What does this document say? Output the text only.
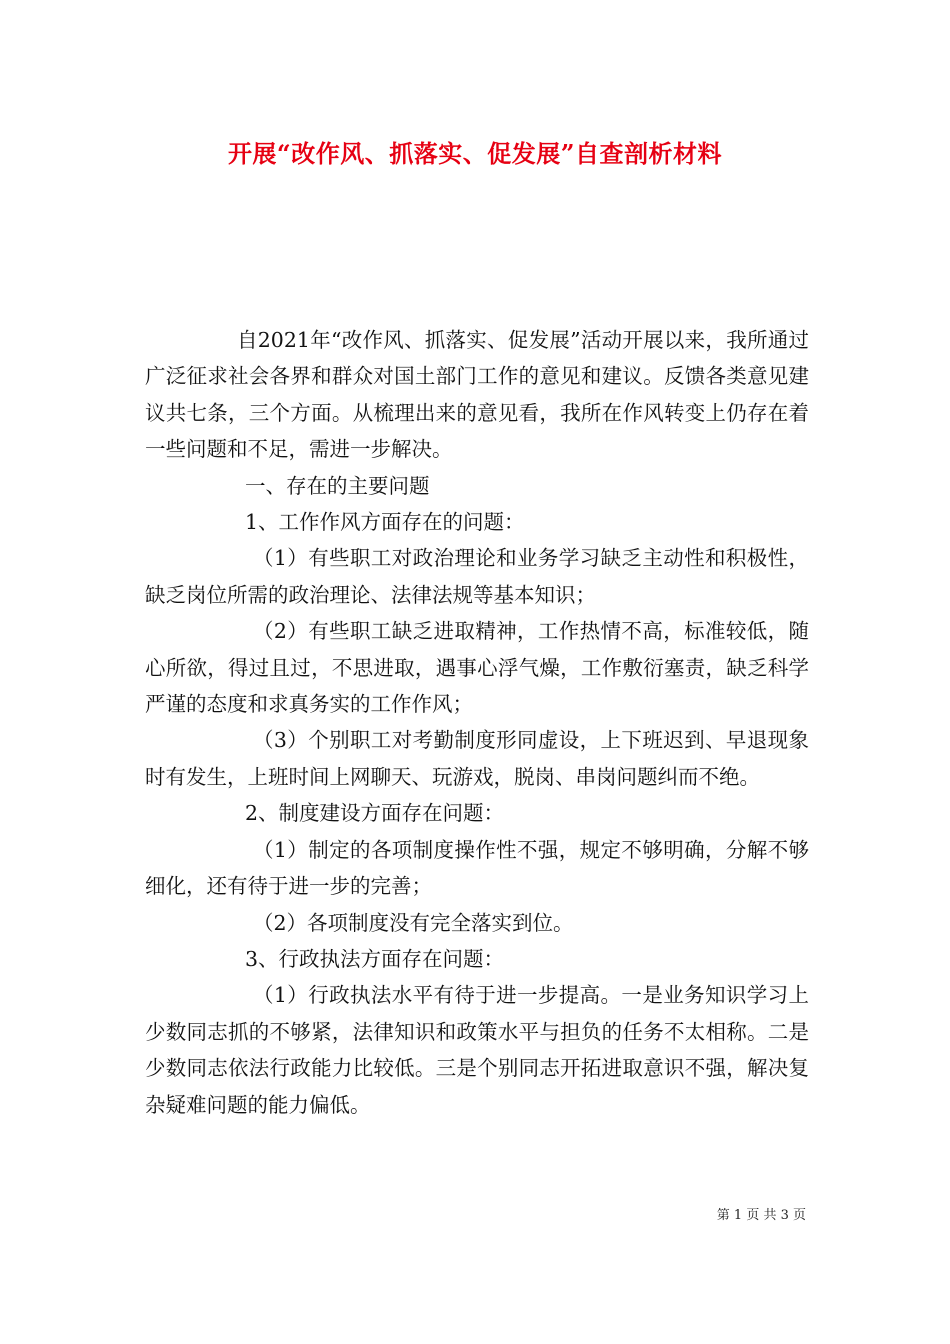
开展“改作风、抓落实、促发展”自查剖析材料

自2021年“改作风、抓落实、促发展”活动开展以来，我所通过广泛征求社会各界和群众对国土部门工作的意见和建议。反馈各类意见建议共七条，三个方面。从梳理出来的意见看，我所在作风转变上仍存在着一些问题和不足，需进一步解决。

一、存在的主要问题

1、工作作风方面存在的问题：

（1）有些职工对政治理论和业务学习缺乏主动性和积极性，缺乏岗位所需的政治理论、法律法规等基本知识；

（2）有些职工缺乏进取精神，工作热情不高，标准较低，随心所欲，得过且过，不思进取，遇事心浮气燥，工作敷衍塞责，缺乏科学严谨的态度和求真务实的工作作风；

（3）个别职工对考勤制度形同虚设，上下班迟到、早退现象时有发生，上班时间上网聊天、玩游戏，脱岗、串岗问题纠而不绝。

2、制度建设方面存在问题：

（1）制定的各项制度操作性不强，规定不够明确，分解不够细化，还有待于进一步的完善；

（2）各项制度没有完全落实到位。

3、行政执法方面存在问题：

（1）行政执法水平有待于进一步提高。一是业务知识学习上少数同志抓的不够紧，法律知识和政策水平与担负的任务不太相称。二是少数同志依法行政能力比较低。三是个别同志开拓进取意识不强，解决复杂疑难问题的能力偏低。

第 1 页 共 3 页
